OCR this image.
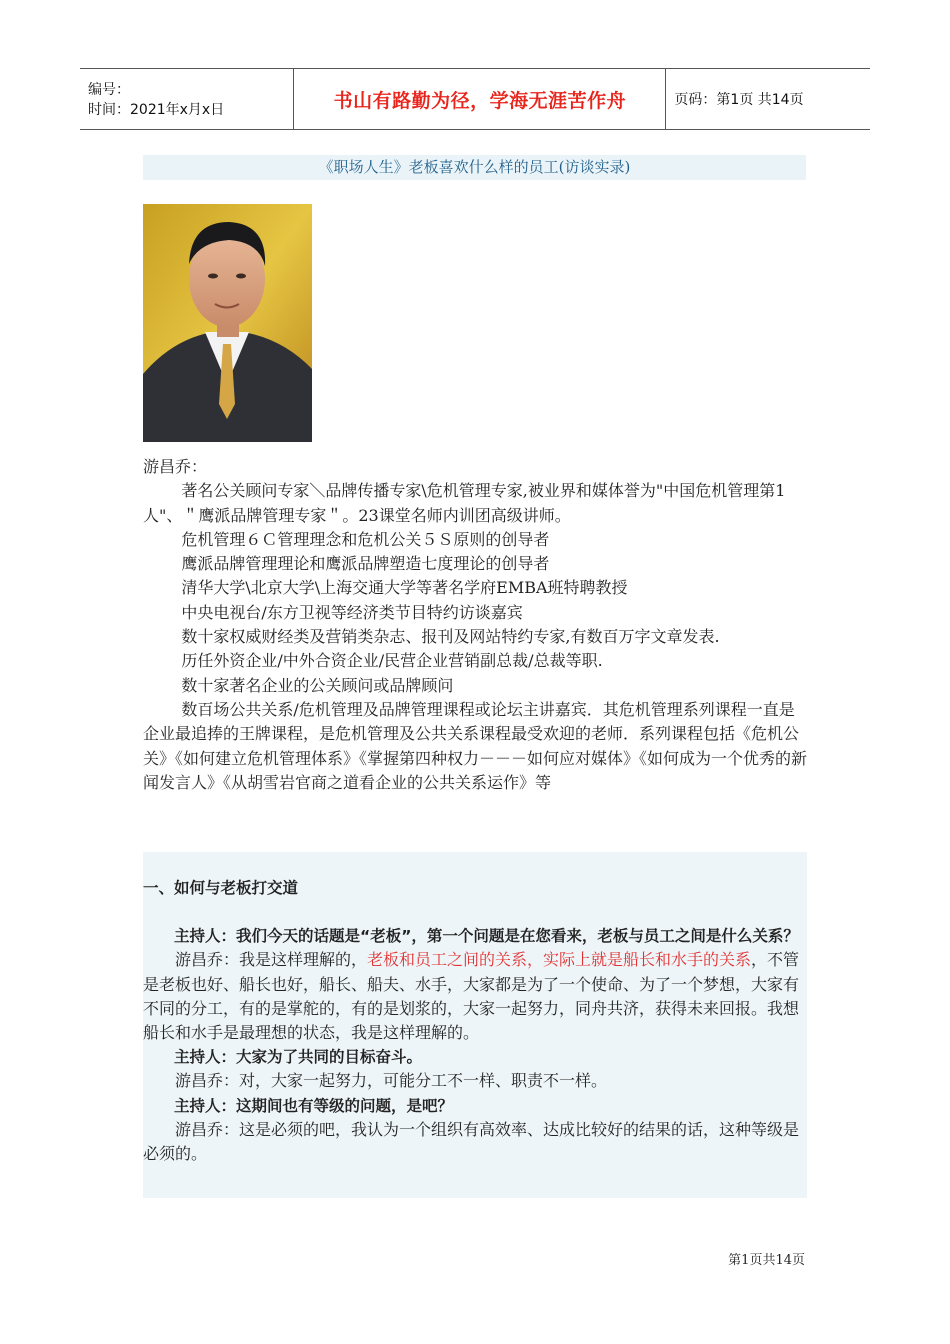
编号：
时间：2021年x月x日	书山有路勤为径，学海无涯苦作舟	页码：第1页 共14页
《职场人生》老板喜欢什么样的员工(访谈实录)

游昌乔：

著名公关顾问专家＼品牌传播专家\危机管理专家,被业界和媒体誉为"中国危机管理第1人"、＂鹰派品牌管理专家＂。23课堂名师内训团高级讲师。

危机管理６Ｃ管理理念和危机公关５Ｓ原则的创导者

鹰派品牌管理理论和鹰派品牌塑造七度理论的创导者

清华大学\北京大学\上海交通大学等著名学府EMBA班特聘教授

中央电视台/东方卫视等经济类节目特约访谈嘉宾

数十家权威财经类及营销类杂志、报刊及网站特约专家,有数百万字文章发表.

历任外资企业/中外合资企业/民营企业营销副总裁/总裁等职.

数十家著名企业的公关顾问或品牌顾问

数百场公共关系/危机管理及品牌管理课程或论坛主讲嘉宾．其危机管理系列课程一直是企业最追捧的王牌课程，是危机管理及公共关系课程最受欢迎的老师．系列课程包括《危机公关》《如何建立危机管理体系》《掌握第四种权力－－－如何应对媒体》《如何成为一个优秀的新闻发言人》《从胡雪岩官商之道看企业的公共关系运作》等

一、如何与老板打交道

主持人：我们今天的话题是“老板”，第一个问题是在您看来，老板与员工之间是什么关系？

游昌乔：我是这样理解的，老板和员工之间的关系，实际上就是船长和水手的关系，不管是老板也好、船长也好，船长、船夫、水手，大家都是为了一个使命、为了一个梦想，大家有不同的分工，有的是掌舵的，有的是划浆的，大家一起努力，同舟共济，获得未来回报。我想船长和水手是最理想的状态，我是这样理解的。

主持人：大家为了共同的目标奋斗。

游昌乔：对，大家一起努力，可能分工不一样、职责不一样。

主持人：这期间也有等级的问题，是吧？

游昌乔：这是必须的吧，我认为一个组织有高效率、达成比较好的结果的话，这种等级是必须的。

第1页共14页
